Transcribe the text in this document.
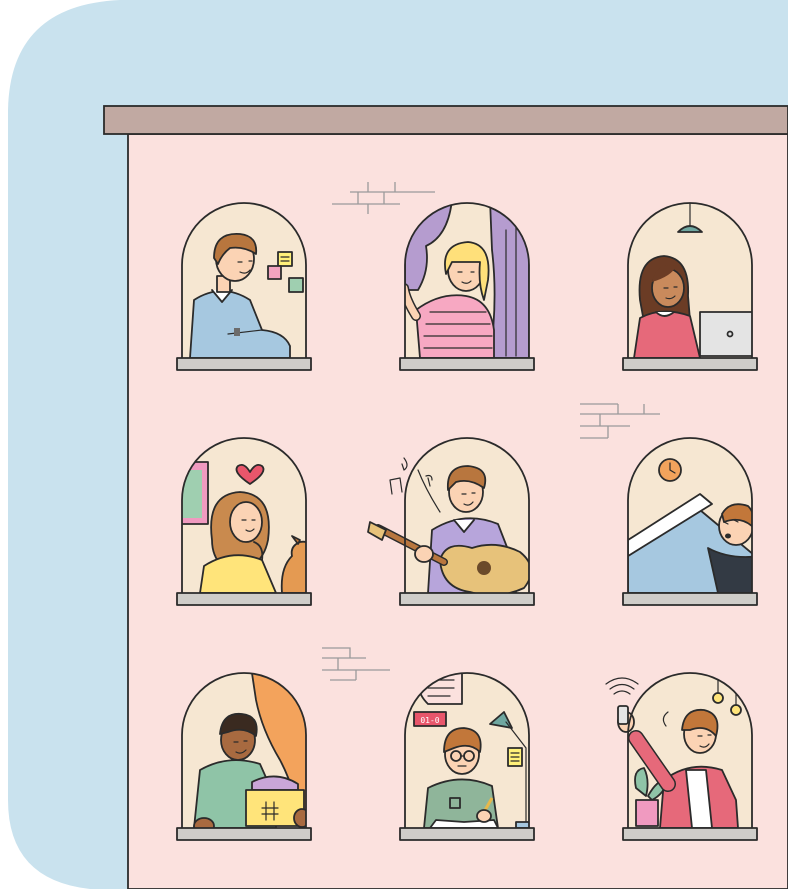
01-0
